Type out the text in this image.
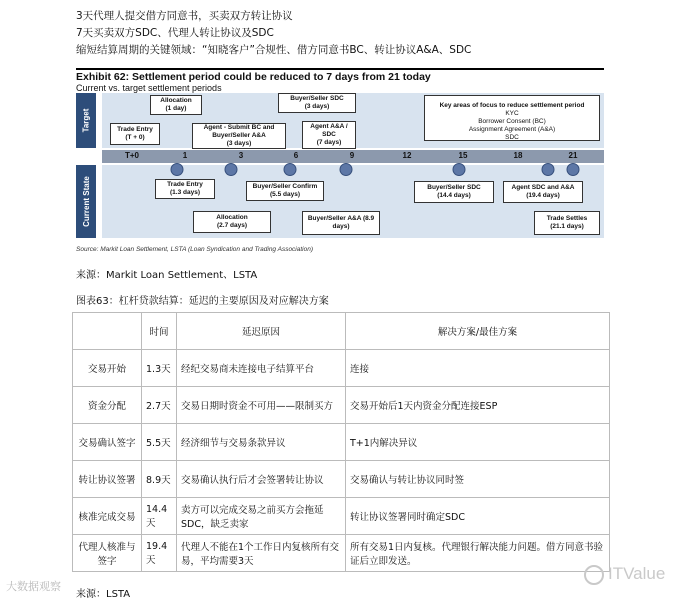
3天代理人提交借方同意书，买卖双方转让协议
7天买卖双方SDC、代理人转让协议及SDC
缩短结算周期的关键领域：“知晓客户”合规性、借方同意书BC、转让协议A&A、SDC
Exhibit 62: Settlement period could be reduced to 7 days from 21 today
Current vs. target settlement periods
Target
Current State
T+0	1	3	6	9	12	15	18	21
Allocation
(1 day)
Buyer/Seller SDC
(3 days)
Trade Entry
(T + 0)
Agent - Submit BC and
Buyer/Seller A&A
(3 days)
Agent A&A /
SDC
(7 days)
Key areas of focus to reduce settlement period
KYC
Borrower Consent (BC)
Assignment Agreement (A&A)
SDC
Trade Entry
(1.3 days)
Buyer/Seller Confirm
(5.5 days)
Buyer/Seller SDC
(14.4 days)
Agent SDC and A&A
(19.4 days)
Allocation
(2.7 days)
Buyer/Seller A&A (8.9
days)
Trade Settles
(21.1 days)
Source: Markit Loan Settlement, LSTA (Loan Syndication and Trading Association)
来源：Markit Loan Settlement、LSTA
图表63：杠杆贷款结算：延迟的主要原因及对应解决方案
	时间	延迟原因	解决方案/最佳方案
交易开始	1.3天	经纪交易商未连接电子结算平台	连接
资金分配	2.7天	交易日期时资金不可用——限制买方	交易开始后1天内资金分配连接ESP
交易确认签字	5.5天	经济细节与交易条款异议	T+1内解决异议
转让协议签署	8.9天	交易确认执行后才会签署转让协议	交易确认与转让协议同时签
核准完成交易	14.4天	卖方可以完成交易之前买方会拖延SDC，缺乏卖家	转让协议签署同时确定SDC
代理人核准与签字	19.4天	代理人不能在1个工作日内复核所有交易，平均需要3天	所有交易1日内复核。代理银行解决能力问题。借方同意书验证后立即发送。
来源：LSTA
大数据观察
ITValue
